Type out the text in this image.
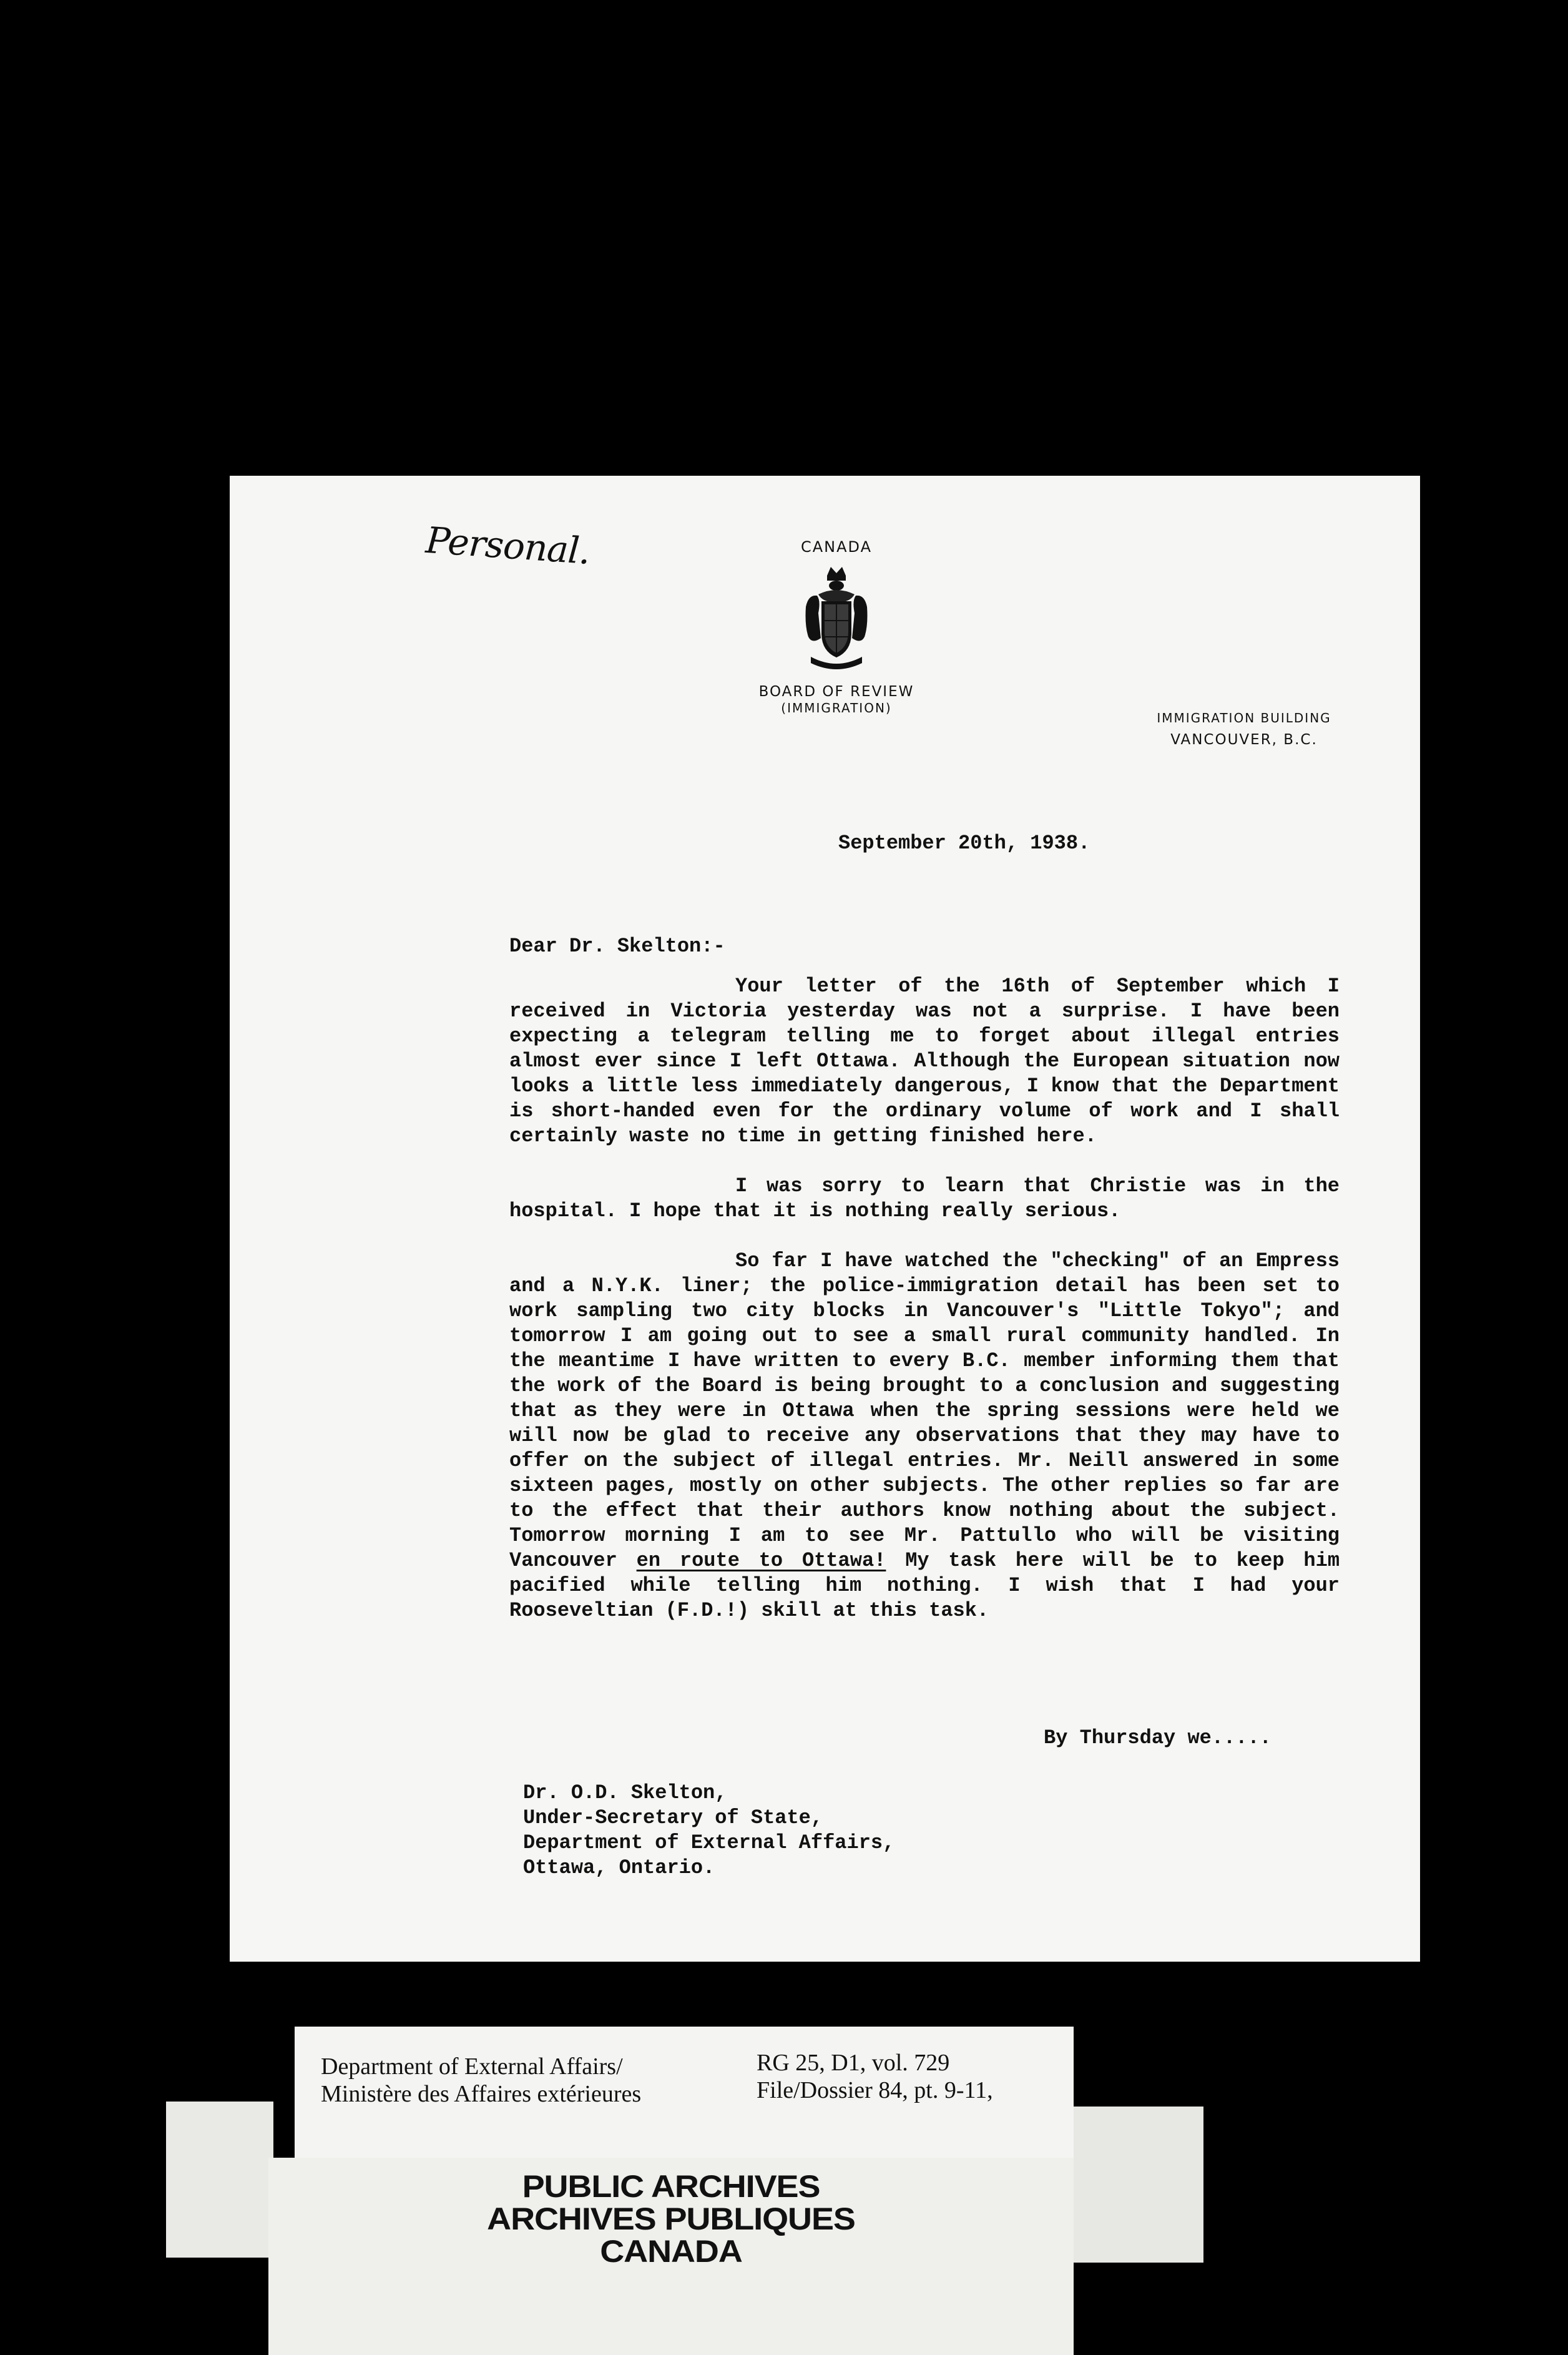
Personal.	CANADA
BOARD OF REVIEW
(IMMIGRATION)
IMMIGRATION BUILDING
VANCOUVER, B.C.
September 20th, 1938.
Dear Dr. Skelton:-

Your letter of the 16th of September which I received in Victoria yesterday was not a surprise. I have been expecting a telegram telling me to forget about illegal entries almost ever since I left Ottawa. Although the European situation now looks a little less immediately dangerous, I know that the Department is short-handed even for the ordinary volume of work and I shall certainly waste no time in getting finished here.

I was sorry to learn that Christie was in the hospital. I hope that it is nothing really serious.

So far I have watched the "checking" of an Empress and a N.Y.K. liner; the police-immigration detail has been set to work sampling two city blocks in Vancouver's "Little Tokyo"; and tomorrow I am going out to see a small rural community handled. In the meantime I have written to every B.C. member informing them that the work of the Board is being brought to a conclusion and suggesting that as they were in Ottawa when the spring sessions were held we will now be glad to receive any observations that they may have to offer on the subject of illegal entries. Mr. Neill answered in some sixteen pages, mostly on other subjects. The other replies so far are to the effect that their authors know nothing about the subject. Tomorrow morning I am to see Mr. Pattullo who will be visiting Vancouver en route to Ottawa! My task here will be to keep him pacified while telling him nothing. I wish that I had your Rooseveltian (F.D.!) skill at this task.

By Thursday we.....
Dr. O.D. Skelton,
Under-Secretary of State,
Department of External Affairs,
Ottawa, Ontario.
Department of External Affairs/
Ministère des Affaires extérieures
RG 25, D1, vol. 729
File/Dossier 84, pt. 9-11,
PUBLIC ARCHIVES
ARCHIVES PUBLIQUES
CANADA
